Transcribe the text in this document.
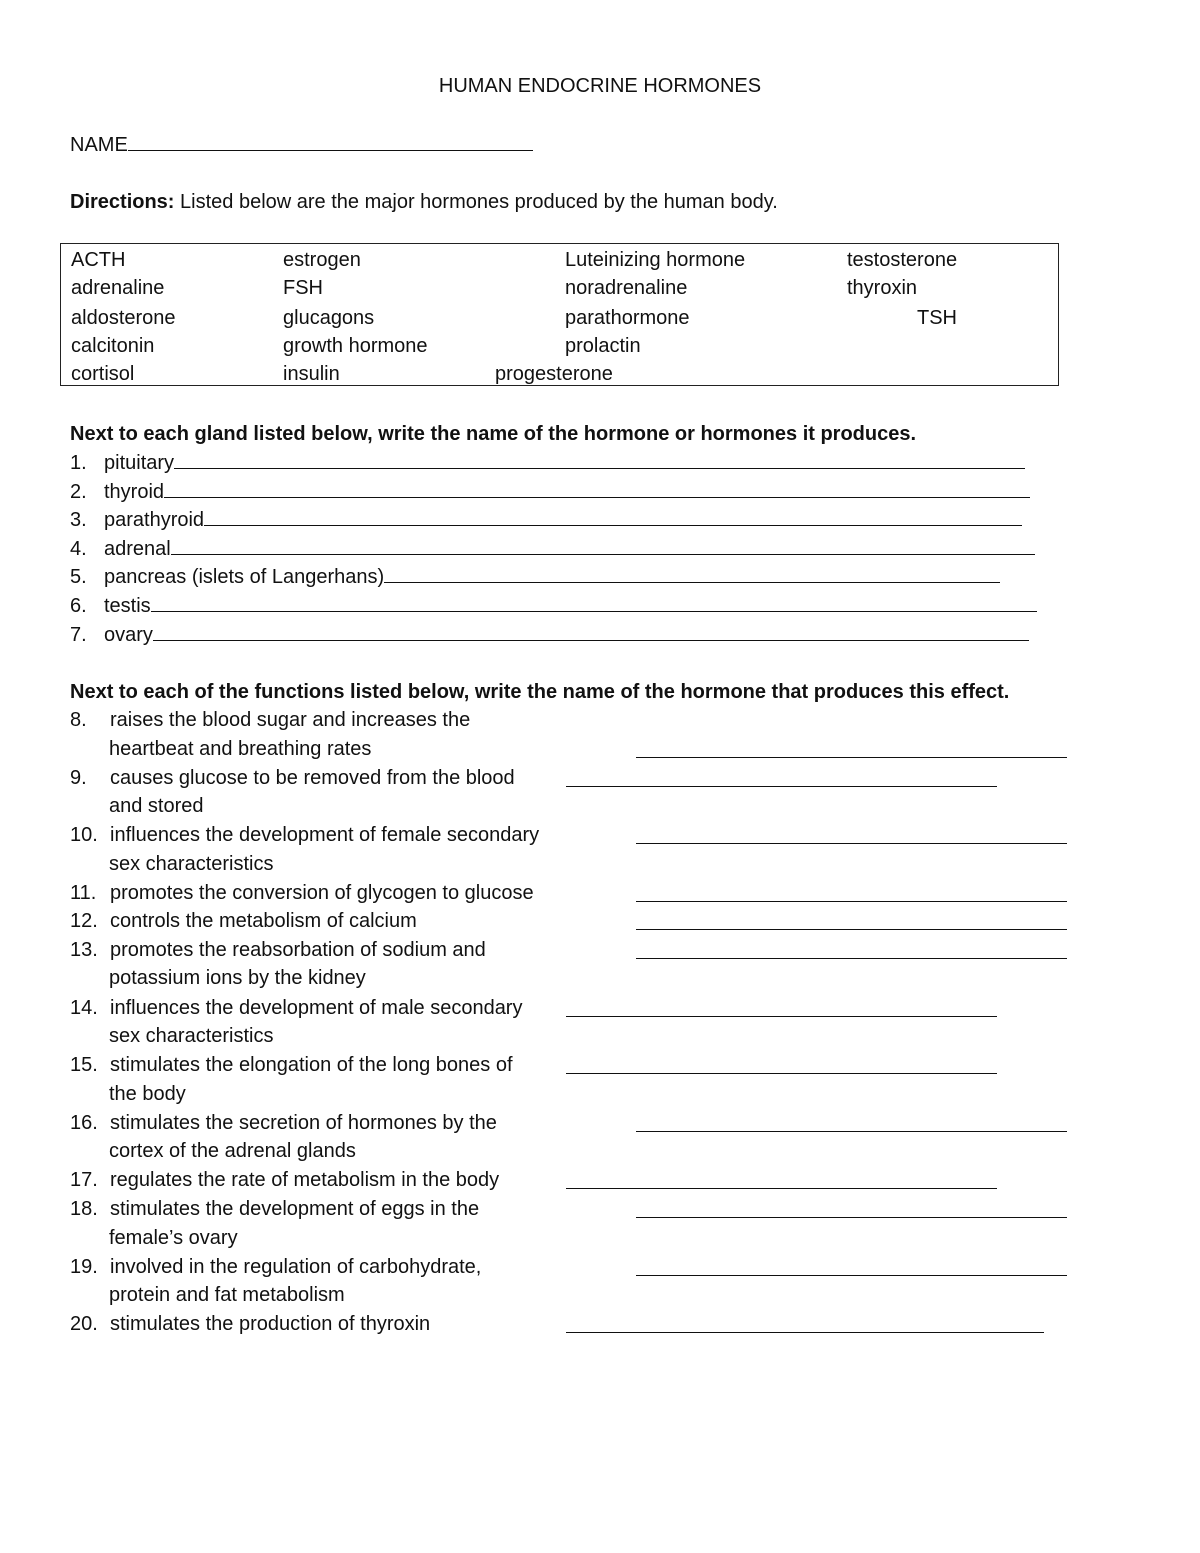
HUMAN ENDOCRINE HORMONES
NAME
Directions: Listed below are the major hormones produced by the human body.
ACTH
adrenaline
aldosterone
calcitonin
cortisol
estrogen
FSH
glucagons
growth hormone
insulin
Luteinizing hormone
noradrenaline
parathormone
prolactin
progesterone
testosterone
thyroxin
TSH
Next to each gland listed below, write the name of the hormone or hormones it produces.
1. pituitary
2. thyroid
3. parathyroid
4. adrenal
5. pancreas (islets of Langerhans)
6. testis
7. ovary
Next to each of the functions listed below, write the name of the hormone that produces this effect.
8. raises the blood sugar and increases the
heartbeat and breathing rates
9. causes glucose to be removed from the blood
and stored
10. influences the development of female secondary
sex characteristics
11. promotes the conversion of glycogen to glucose
12. controls the metabolism of calcium
13. promotes the reabsorbation of sodium and
potassium ions by the kidney
14. influences the development of male secondary
sex characteristics
15. stimulates the elongation of the long bones of
the body
16. stimulates the secretion of hormones by the
cortex of the adrenal glands
17. regulates the rate of metabolism in the body
18. stimulates the development of eggs in the
female’s ovary
19. involved in the regulation of carbohydrate,
protein and fat metabolism
20. stimulates the production of thyroxin
